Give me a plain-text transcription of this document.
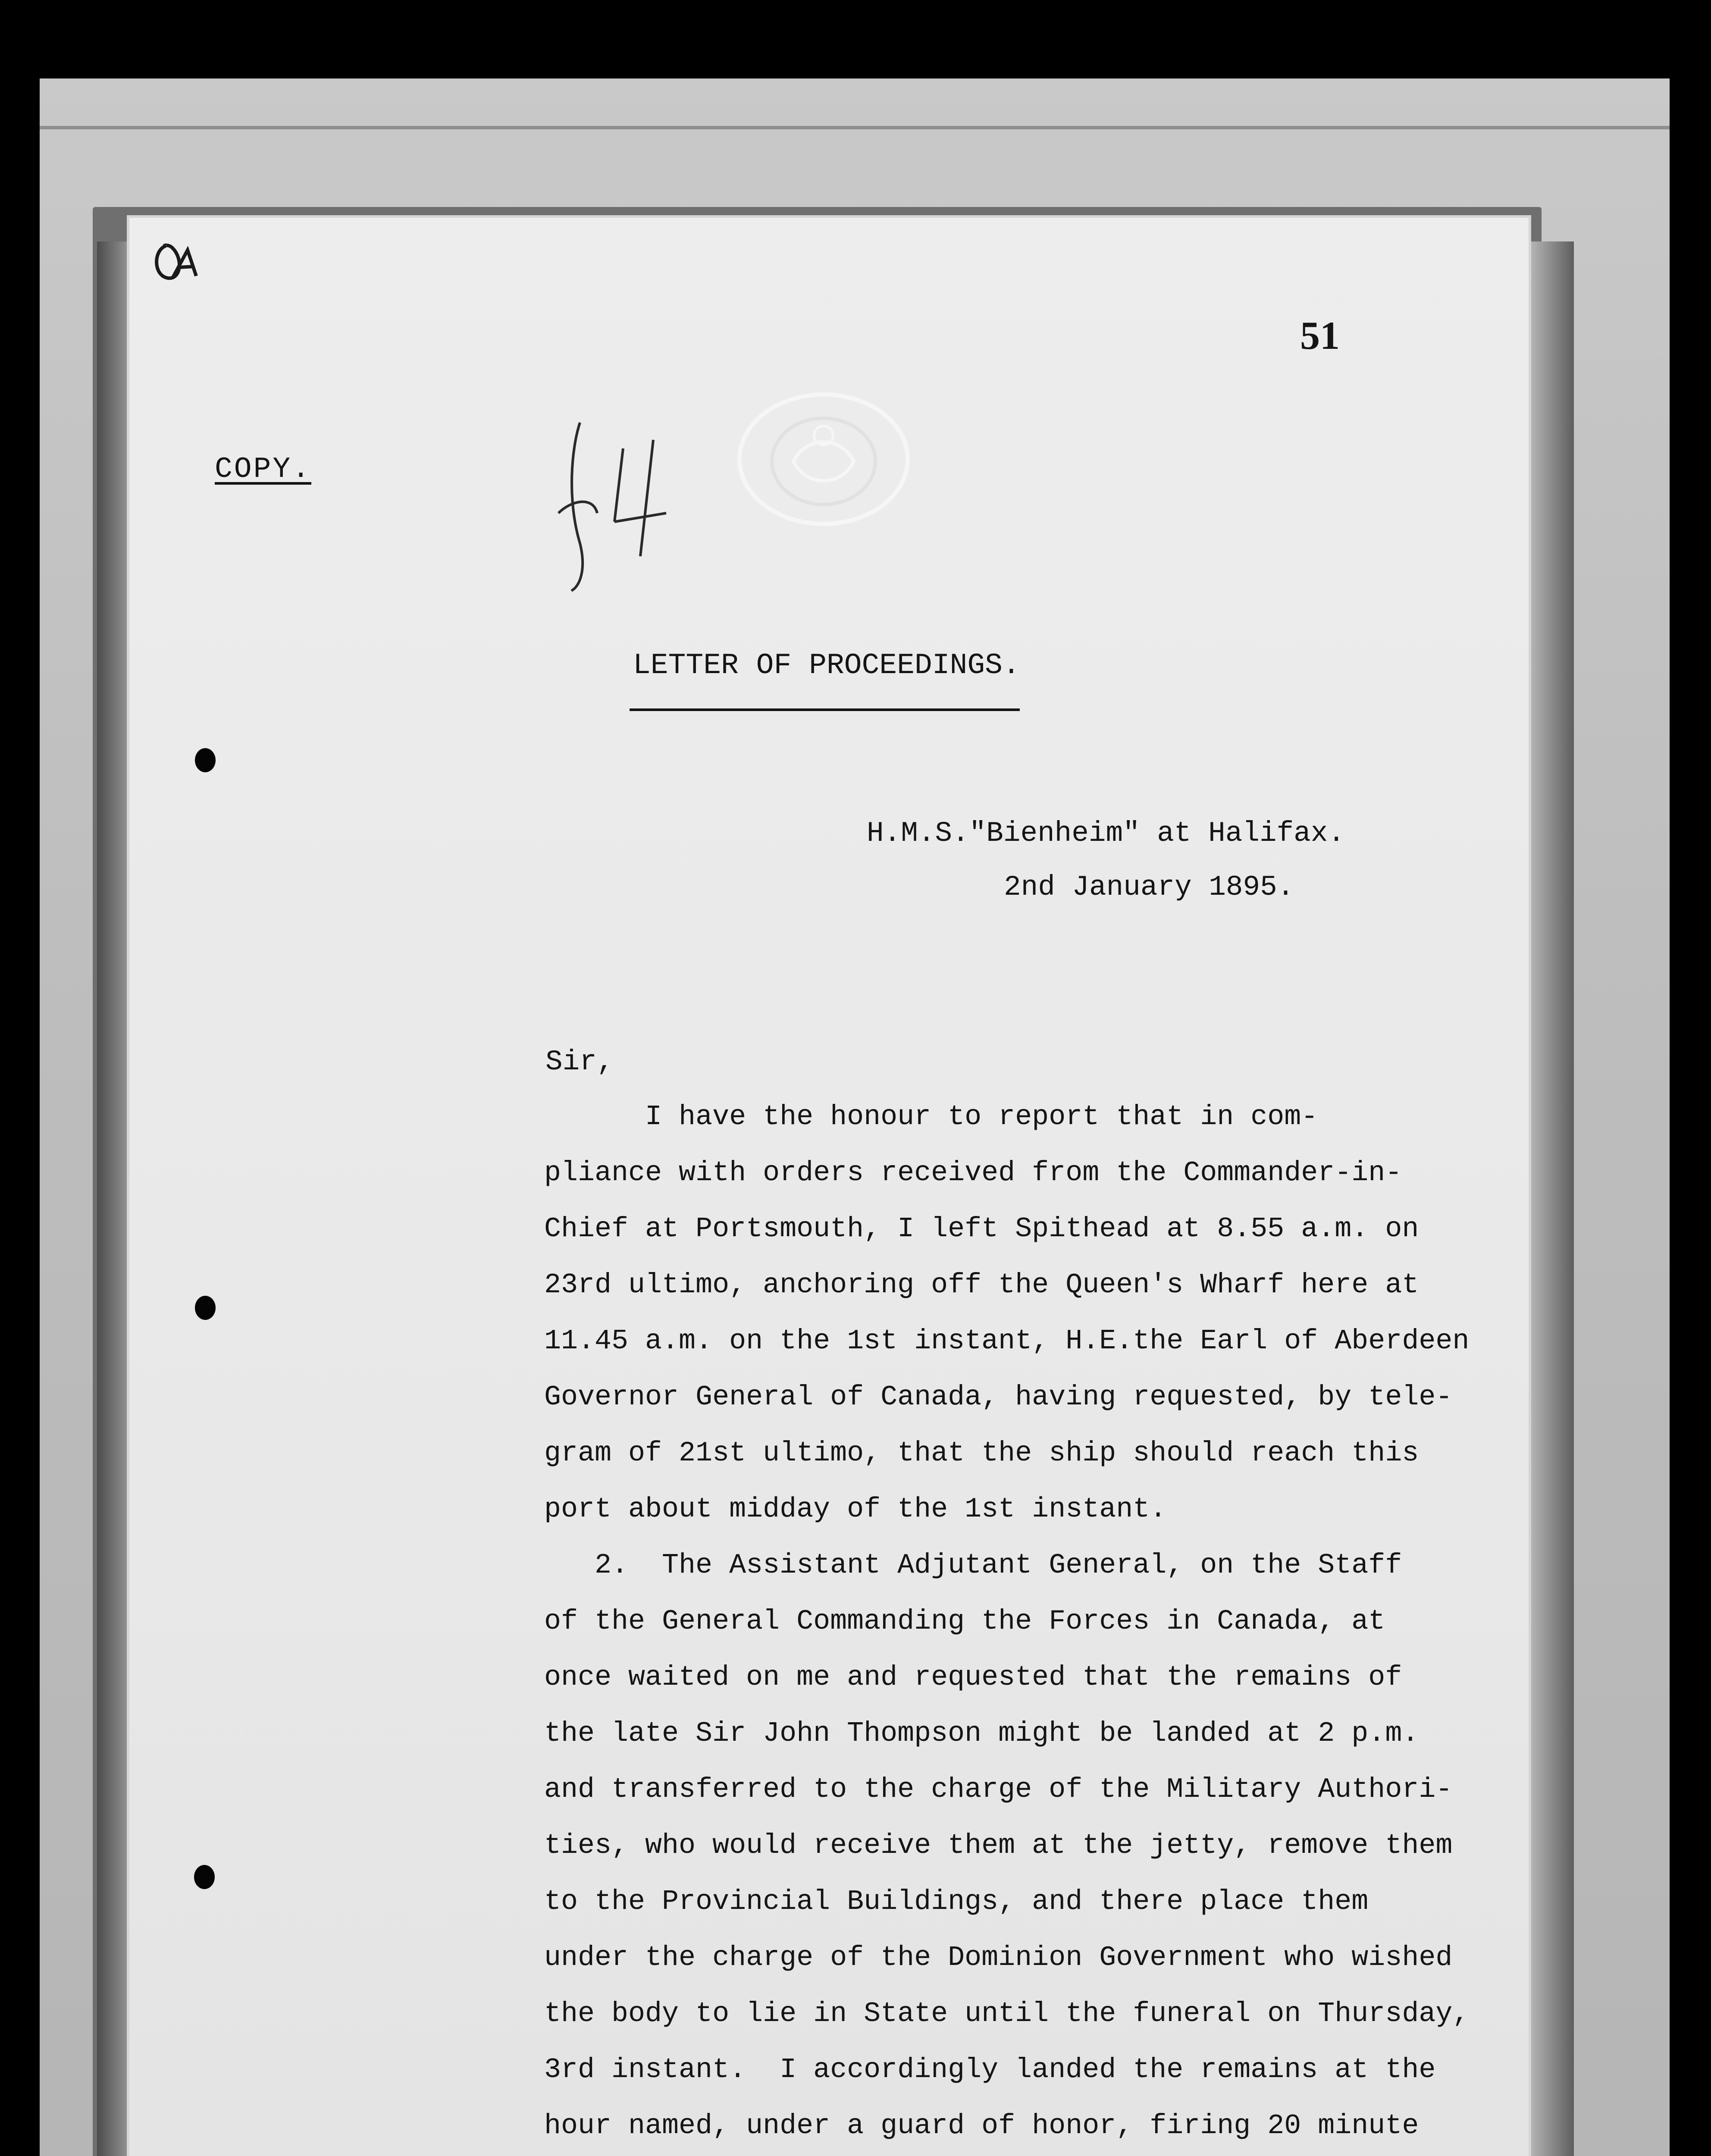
51
COPY.
LETTER OF PROCEEDINGS.
H.M.S."Bienheim" at Halifax.
2nd January 1895.
Sir,
I have the honour to report that in com-
pliance with orders received from the Commander-in-
Chief at Portsmouth, I left Spithead at 8.55 a.m. on
23rd ultimo, anchoring off the Queen's Wharf here at
11.45 a.m. on the 1st instant, H.E.the Earl of Aberdeen
Governor General of Canada, having requested, by tele-
gram of 21st ultimo, that the ship should reach this
port about midday of the 1st instant.
2.  The Assistant Adjutant General, on the Staff
of the General Commanding the Forces in Canada, at
once waited on me and requested that the remains of
the late Sir John Thompson might be landed at 2 p.m.
and transferred to the charge of the Military Authori-
ties, who would receive them at the jetty, remove them
to the Provincial Buildings, and there place them
under the charge of the Dominion Government who wished
the body to lie in State until the funeral on Thursday,
3rd instant.  I accordingly landed the remains at the
hour named, under a guard of honor, firing 20 minute
